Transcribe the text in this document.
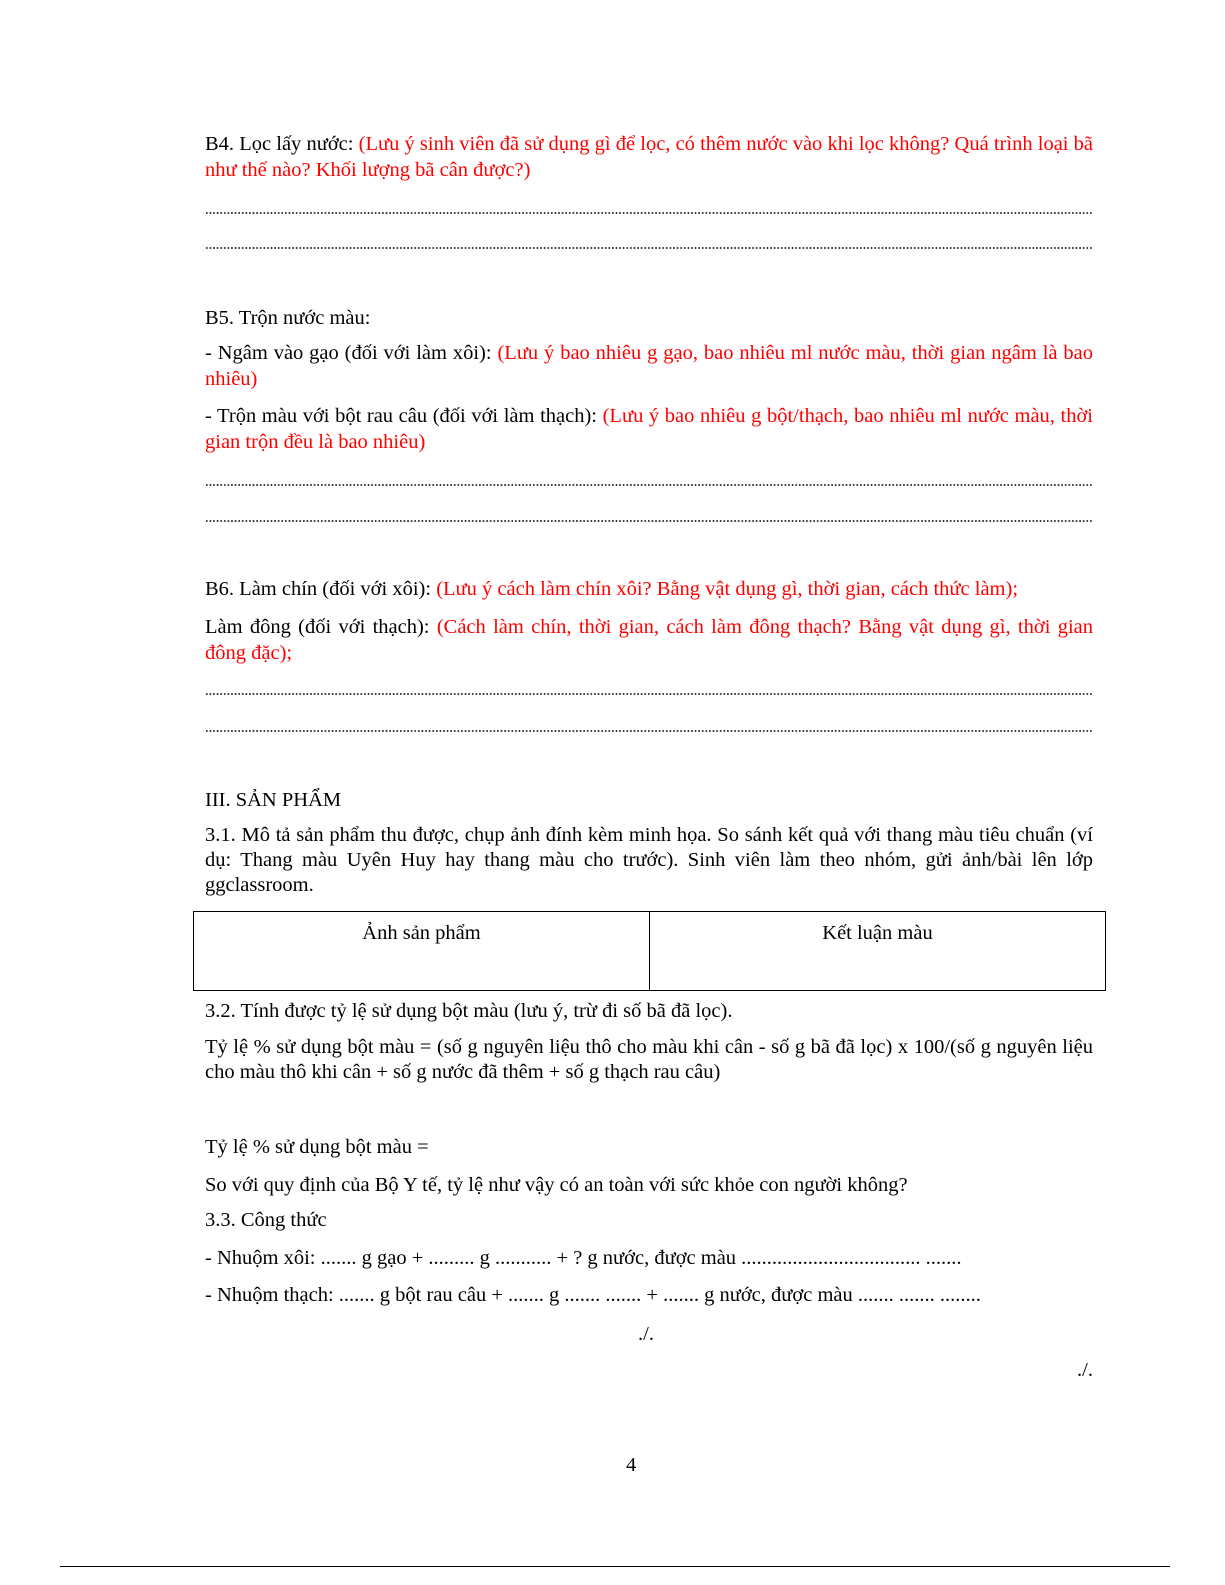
B4. Lọc lấy nước: (Lưu ý sinh viên đã sử dụng gì để lọc, có thêm nước vào khi lọc không? Quá trình loại bã như thế nào? Khối lượng bã cân được?)

B5. Trộn nước màu:

- Ngâm vào gạo (đối với làm xôi): (Lưu ý bao nhiêu g gạo, bao nhiêu ml nước màu, thời gian ngâm là bao nhiêu)

- Trộn màu với bột rau câu (đối với làm thạch): (Lưu ý bao nhiêu g bột/thạch, bao nhiêu ml nước màu, thời gian trộn đều là bao nhiêu)

B6. Làm chín (đối với xôi): (Lưu ý cách làm chín xôi? Bằng vật dụng gì, thời gian, cách thức làm);

Làm đông (đối với thạch): (Cách làm chín, thời gian, cách làm đông thạch? Bằng vật dụng gì, thời gian đông đặc);

III. SẢN PHẨM

3.1. Mô tả sản phẩm thu được, chụp ảnh đính kèm minh họa. So sánh kết quả với thang màu tiêu chuẩn (ví dụ: Thang màu Uyên Huy hay thang màu cho trước). Sinh viên làm theo nhóm, gửi ảnh/bài lên lớp ggclassroom.

Ảnh sản phẩm	Kết luận màu

3.2. Tính được tỷ lệ sử dụng bột màu (lưu ý, trừ đi số bã đã lọc).

Tỷ lệ % sử dụng bột màu = (số g nguyên liệu thô cho màu khi cân - số g bã đã lọc) x 100/(số g nguyên liệu cho màu thô khi cân + số g nước đã thêm + số g thạch rau câu)

Tỷ lệ % sử dụng bột màu =

So với quy định của Bộ Y tế, tỷ lệ như vậy có an toàn với sức khỏe con người không?

3.3. Công thức

- Nhuộm xôi: ....... g gạo + ......... g ........... + ? g nước, được màu ................................... .......

- Nhuộm thạch: ....... g bột rau câu + ....... g ....... ....... + ....... g nước, được màu ....... ....... ........

./.
./.
4
